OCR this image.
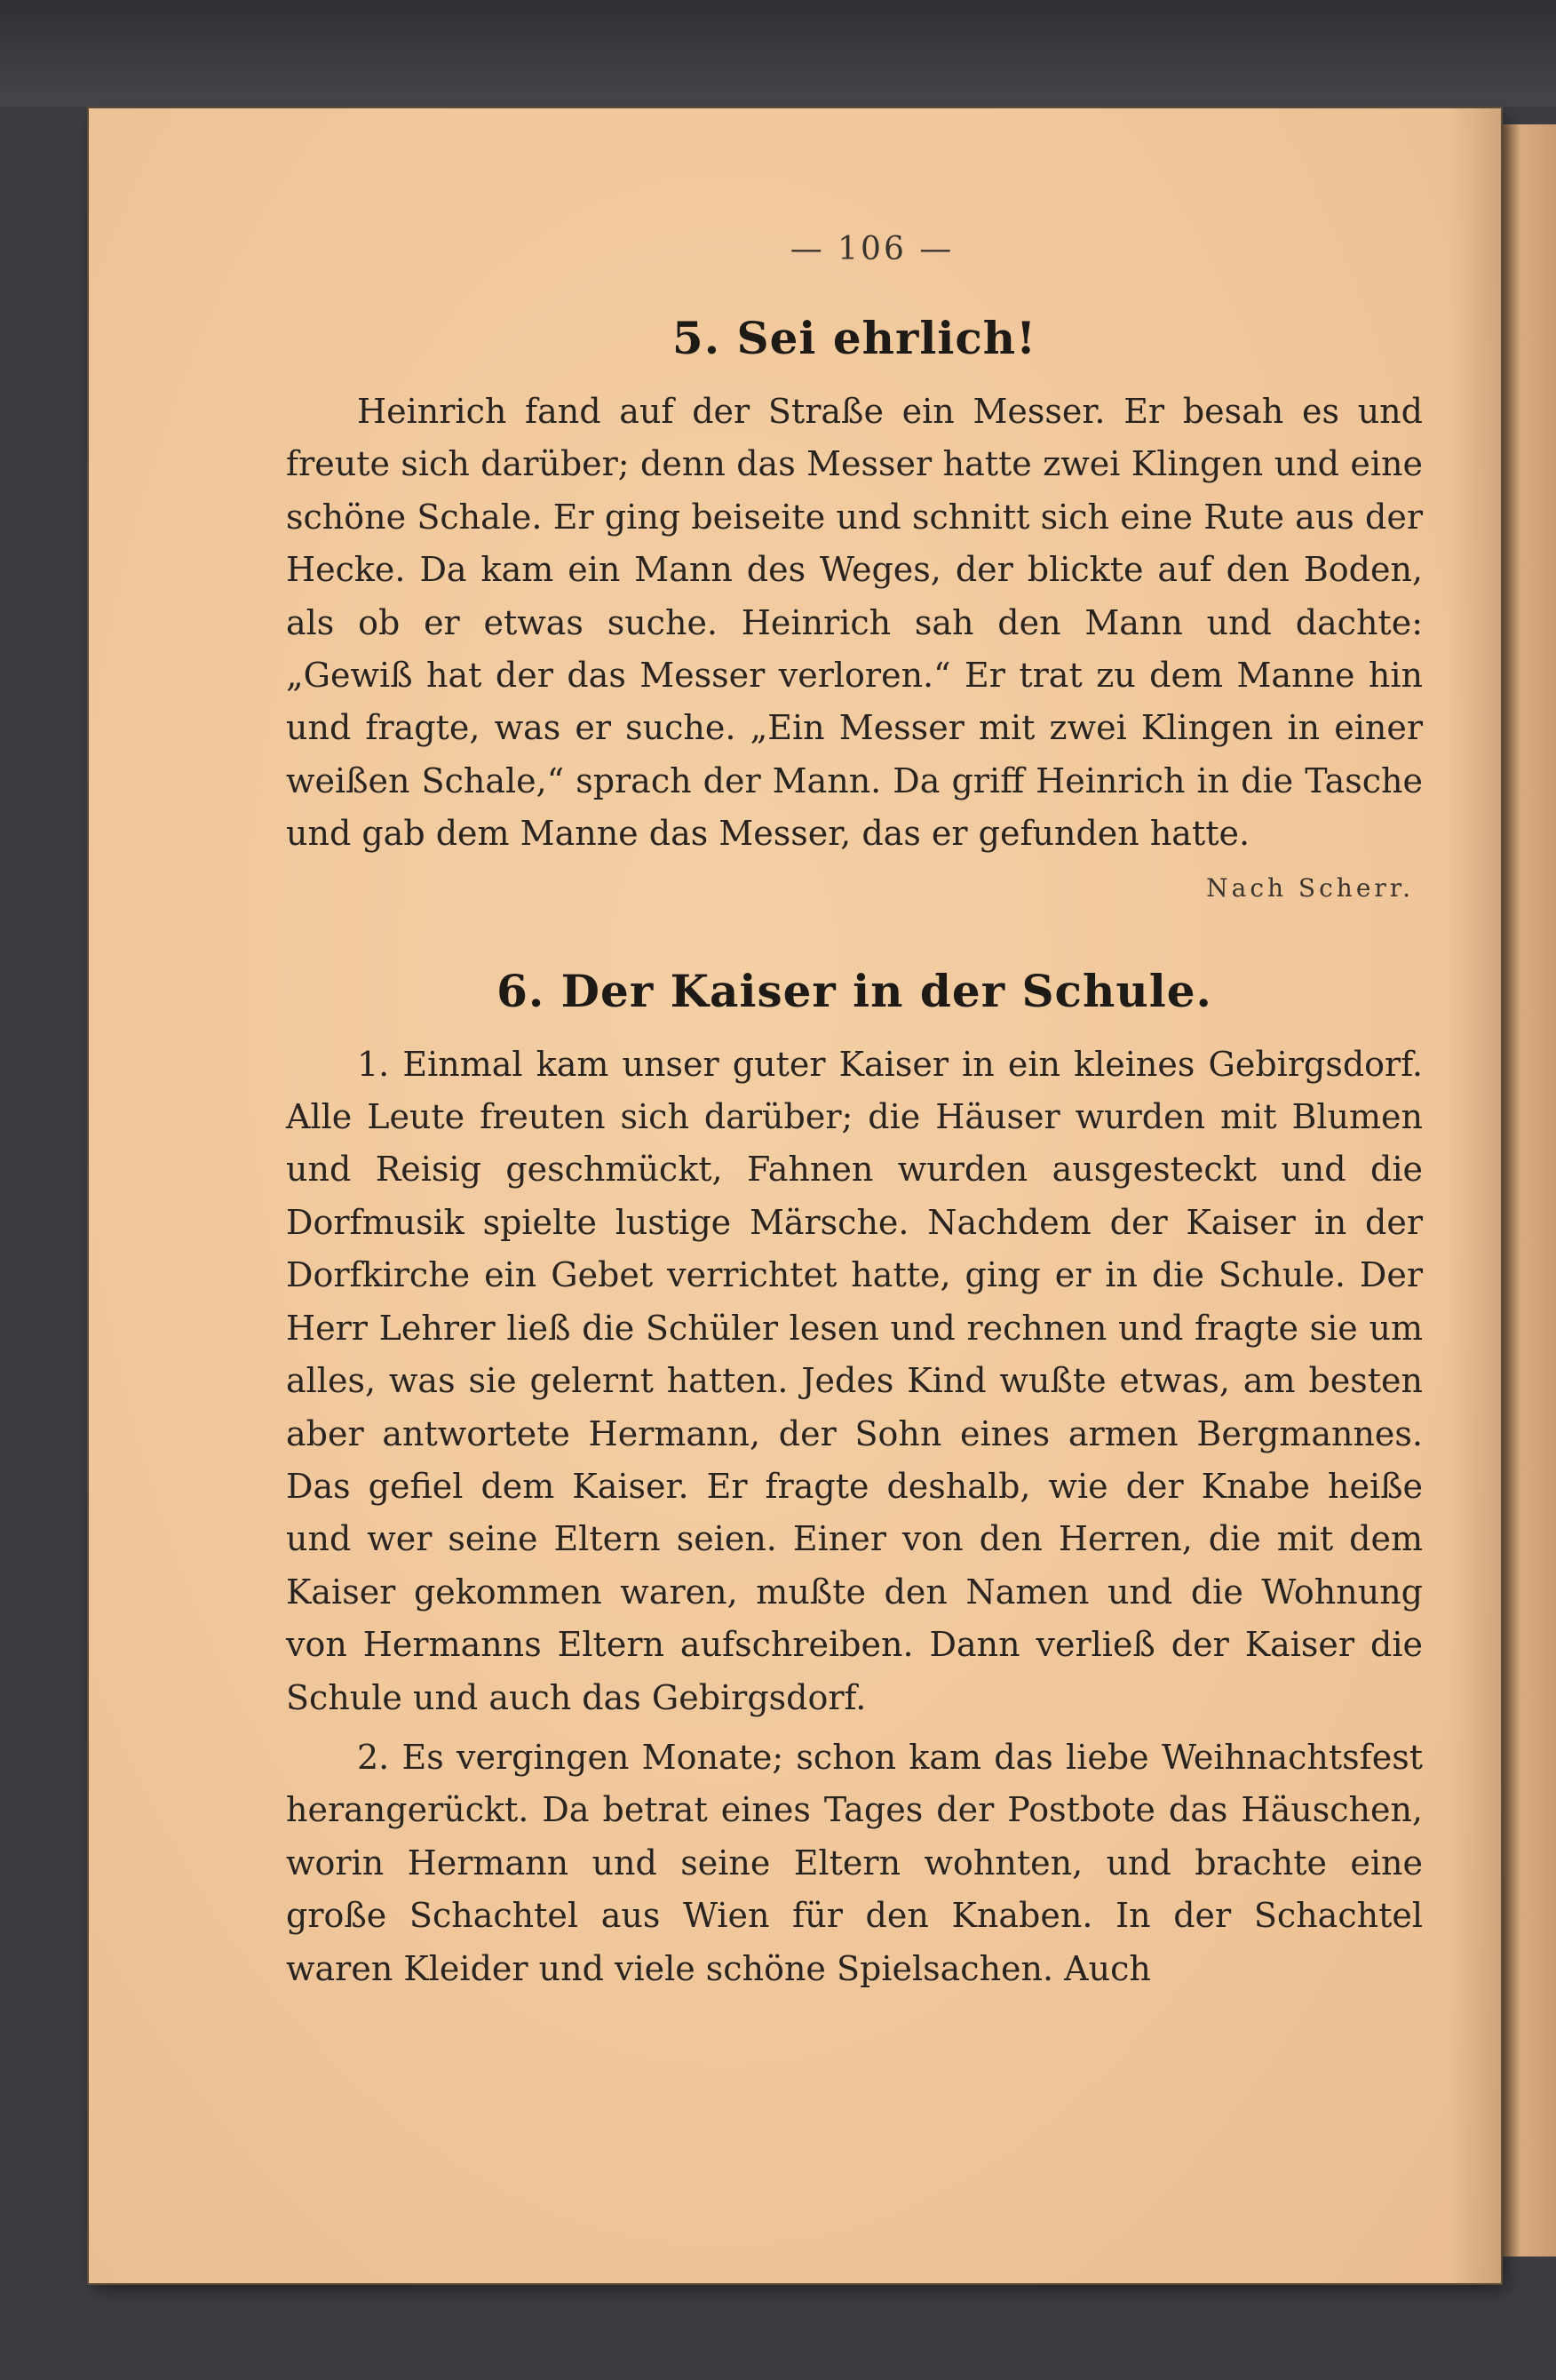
— 106 —
5. Sei ehrlich!

Heinrich fand auf der Straße ein Messer. Er besah es und freute sich darüber; denn das Messer hatte zwei Klingen und eine schöne Schale. Er ging beiseite und schnitt sich eine Rute aus der Hecke. Da kam ein Mann des Weges, der blickte auf den Boden, als ob er etwas suche. Heinrich sah den Mann und dachte: „Gewiß hat der das Messer verloren.“ Er trat zu dem Manne hin und fragte, was er suche. „Ein Messer mit zwei Klingen in einer weißen Schale,“ sprach der Mann. Da griff Heinrich in die Tasche und gab dem Manne das Messer, das er gefunden hatte.

Nach Scherr.
6. Der Kaiser in der Schule.

1. Einmal kam unser guter Kaiser in ein kleines Gebirgsdorf. Alle Leute freuten sich darüber; die Häuser wurden mit Blumen und Reisig geschmückt, Fahnen wurden ausgesteckt und die Dorfmusik spielte lustige Märsche. Nachdem der Kaiser in der Dorfkirche ein Gebet verrichtet hatte, ging er in die Schule. Der Herr Lehrer ließ die Schüler lesen und rechnen und fragte sie um alles, was sie gelernt hatten. Jedes Kind wußte etwas, am besten aber antwortete Hermann, der Sohn eines armen Bergmannes. Das gefiel dem Kaiser. Er fragte deshalb, wie der Knabe heiße und wer seine Eltern seien. Einer von den Herren, die mit dem Kaiser gekommen waren, mußte den Namen und die Wohnung von Hermanns Eltern aufschreiben. Dann verließ der Kaiser die Schule und auch das Gebirgsdorf.

2. Es vergingen Monate; schon kam das liebe Weihnachtsfest herangerückt. Da betrat eines Tages der Postbote das Häuschen, worin Hermann und seine Eltern wohnten, und brachte eine große Schachtel aus Wien für den Knaben. In der Schachtel waren Kleider und viele schöne Spielsachen. Auch
